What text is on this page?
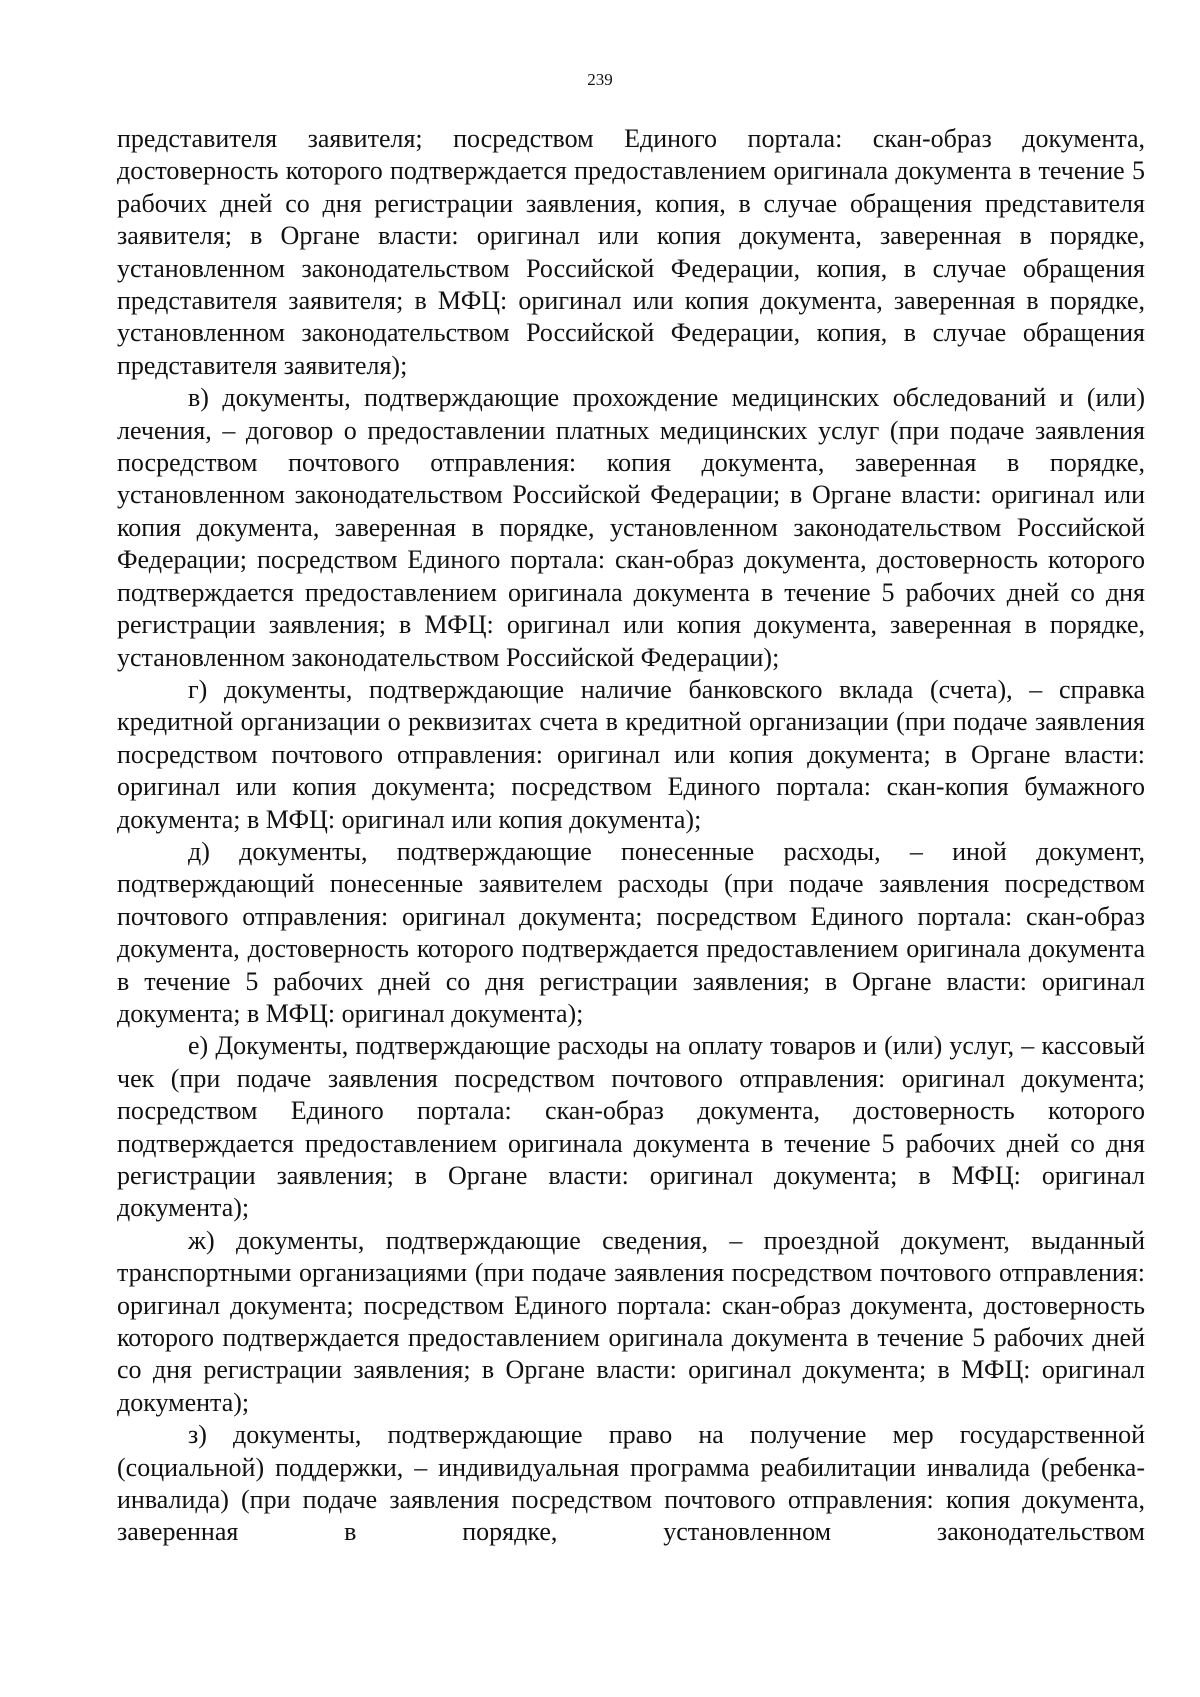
239

представителя заявителя; посредством Единого портала: скан-образ документа, достоверность которого подтверждается предоставлением оригинала документа в течение 5 рабочих дней со дня регистрации заявления, копия, в случае обращения представителя заявителя; в Органе власти: оригинал или копия документа, заверенная в порядке, установленном законодательством Российской Федерации, копия, в случае обращения представителя заявителя; в МФЦ: оригинал или копия документа, заверенная в порядке, установленном законодательством Российской Федерации, копия, в случае обращения представителя заявителя);

в) документы, подтверждающие прохождение медицинских обследований и (или) лечения, – договор о предоставлении платных медицинских услуг (при подаче заявления посредством почтового отправления: копия документа, заверенная в порядке, установленном законодательством Российской Федерации; в Органе власти: оригинал или копия документа, заверенная в порядке, установленном законодательством Российской Федерации; посредством Единого портала: скан-образ документа, достоверность которого подтверждается предоставлением оригинала документа в течение 5 рабочих дней со дня регистрации заявления; в МФЦ: оригинал или копия документа, заверенная в порядке, установленном законодательством Российской Федерации);

г) документы, подтверждающие наличие банковского вклада (счета), – справка кредитной организации о реквизитах счета в кредитной организации (при подаче заявления посредством почтового отправления: оригинал или копия документа; в Органе власти: оригинал или копия документа; посредством Единого портала: скан-копия бумажного документа; в МФЦ: оригинал или копия документа);

д) документы, подтверждающие понесенные расходы, – иной документ, подтверждающий понесенные заявителем расходы (при подаче заявления посредством почтового отправления: оригинал документа; посредством Единого портала: скан-образ документа, достоверность которого подтверждается предоставлением оригинала документа в течение 5 рабочих дней со дня регистрации заявления; в Органе власти: оригинал документа; в МФЦ: оригинал документа);

е) Документы, подтверждающие расходы на оплату товаров и (или) услуг, – кассовый чек (при подаче заявления посредством почтового отправления: оригинал документа; посредством Единого портала: скан-образ документа, достоверность которого подтверждается предоставлением оригинала документа в течение 5 рабочих дней со дня регистрации заявления; в Органе власти: оригинал документа; в МФЦ: оригинал документа);

ж) документы, подтверждающие сведения, – проездной документ, выданный транспортными организациями (при подаче заявления посредством почтового отправления: оригинал документа; посредством Единого портала: скан-образ документа, достоверность которого подтверждается предоставлением оригинала документа в течение 5 рабочих дней со дня регистрации заявления; в Органе власти: оригинал документа; в МФЦ: оригинал документа);

з) документы, подтверждающие право на получение мер государственной (социальной) поддержки, – индивидуальная программа реабилитации инвалида (ребенка-инвалида) (при подаче заявления посредством почтового отправления: копия документа, заверенная в порядке, установленном законодательством
